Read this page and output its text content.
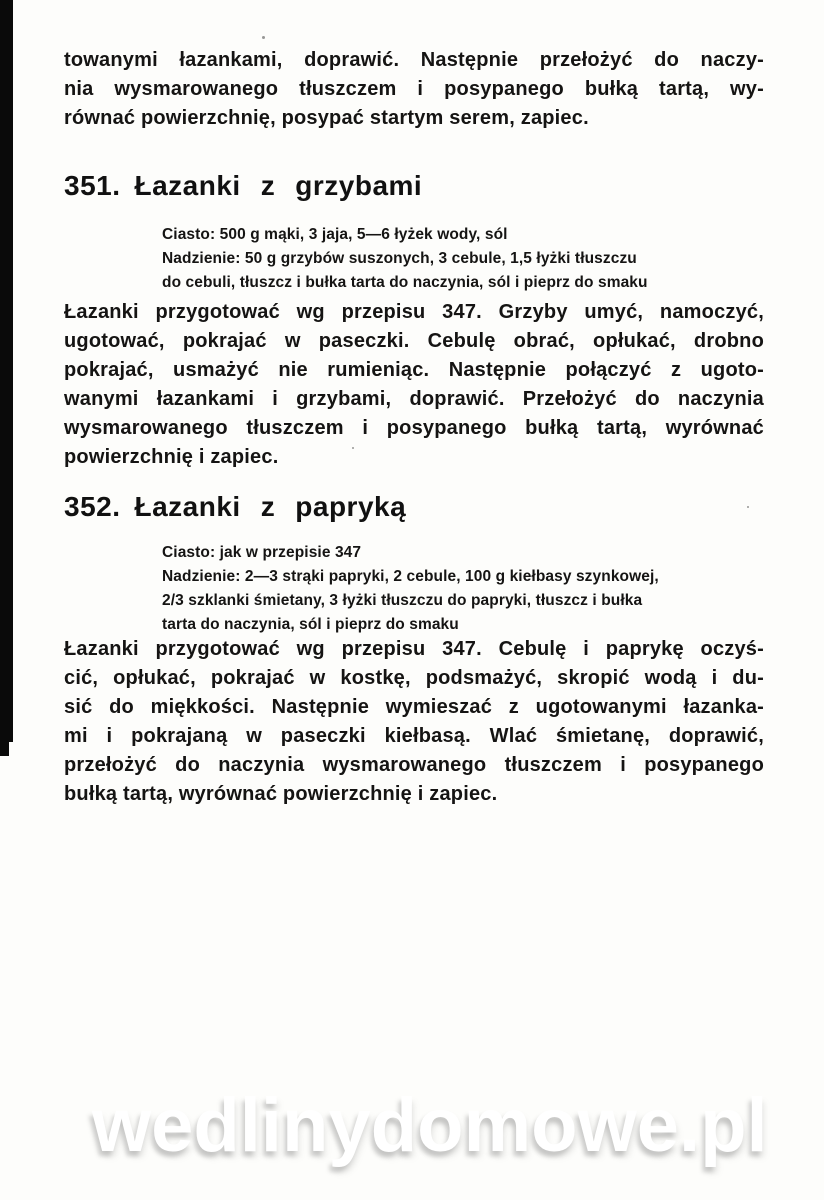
towanymi łazankami, doprawić. Następnie przełożyć do naczy-
nia wysmarowanego tłuszczem i posypanego bułką tartą, wy-
równać powierzchnię, posypać startym serem, zapiec.
351. Łazanki z grzybami
Ciasto: 500 g mąki, 3 jaja, 5—6 łyżek wody, sól
Nadzienie: 50 g grzybów suszonych, 3 cebule, 1,5 łyżki tłuszczu
do cebuli, tłuszcz i bułka tarta do naczynia, sól i pieprz do smaku
Łazanki przygotować wg przepisu 347. Grzyby umyć, namoczyć,
ugotować, pokrajać w paseczki. Cebulę obrać, opłukać, drobno
pokrajać, usmażyć nie rumieniąc. Następnie połączyć z ugoto-
wanymi łazankami i grzybami, doprawić. Przełożyć do naczynia
wysmarowanego tłuszczem i posypanego bułką tartą, wyrównać
powierzchnię i zapiec.
352. Łazanki z papryką
Ciasto: jak w przepisie 347
Nadzienie: 2—3 strąki papryki, 2 cebule, 100 g kiełbasy szynkowej,
2/3 szklanki śmietany, 3 łyżki tłuszczu do papryki, tłuszcz i bułka
tarta do naczynia, sól i pieprz do smaku
Łazanki przygotować wg przepisu 347. Cebulę i paprykę oczyś-
cić, opłukać, pokrajać w kostkę, podsmażyć, skropić wodą i du-
sić do miękkości. Następnie wymieszać z ugotowanymi łazanka-
mi i pokrajaną w paseczki kiełbasą. Wlać śmietanę, doprawić,
przełożyć do naczynia wysmarowanego tłuszczem i posypanego
bułką tartą, wyrównać powierzchnię i zapiec.
wedlinydomowe.pl
